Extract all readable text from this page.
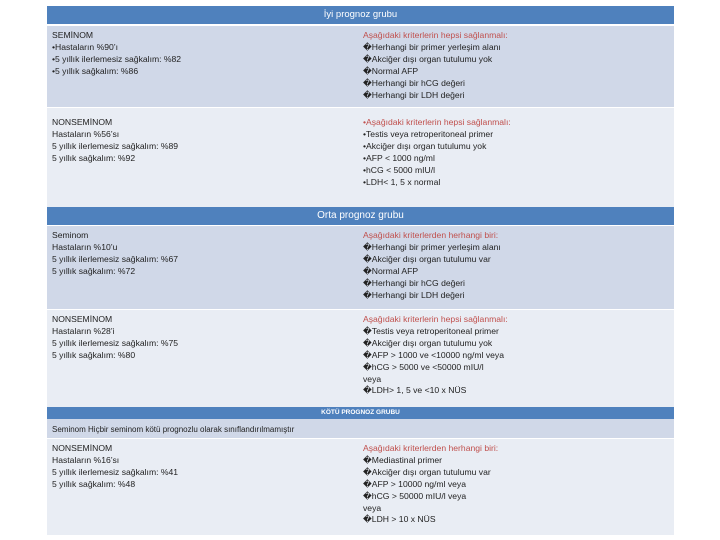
İyi prognoz grubu
SEMİNOM
•Hastaların %90’ı
•5 yıllık ilerlemesiz sağkalım: %82
•5 yıllık sağkalım: %86
Aşağıdaki kriterlerin hepsi sağlanmalı:
�Herhangi bir primer yerleşim alanı
�Akciğer dışı organ tutulumu yok
�Normal AFP
�Herhangi bir hCG değeri
�Herhangi bir LDH değeri
NONSEMİNOM
Hastaların %56’sı
5 yıllık ilerlemesiz sağkalım: %89
5 yıllık sağkalım: %92
•Aşağıdaki kriterlerin hepsi sağlanmalı:
•Testis veya retroperitoneal primer
•Akciğer dışı organ tutulumu yok
•AFP < 1000 ng/ml
•hCG < 5000 mIU/l
•LDH< 1, 5 x normal
Orta prognoz grubu
Seminom
Hastaların %10’u
5 yıllık ilerlemesiz sağkalım: %67
5 yıllık sağkalım: %72
Aşağıdaki kriterlerden herhangi biri:
�Herhangi bir primer yerleşim alanı
�Akciğer dışı organ tutulumu var
�Normal AFP
�Herhangi bir hCG değeri
�Herhangi bir LDH değeri
NONSEMİNOM
Hastaların %28’i
5 yıllık ilerlemesiz sağkalım: %75
5 yıllık sağkalım: %80
Aşağıdaki kriterlerin hepsi sağlanmalı:
�Testis veya retroperitoneal primer
�Akciğer dışı organ tutulumu yok
�AFP > 1000 ve <10000 ng/ml veya
�hCG > 5000 ve <50000 mIU/l
veya
�LDH> 1, 5 ve <10 x NÜS
KÖTÜ PROGNOZ GRUBU
Seminom Hiçbir seminom kötü prognozlu olarak sınıflandırılmamıştır
NONSEMİNOM
Hastaların %16’sı
5 yıllık ilerlemesiz sağkalım: %41
5 yıllık sağkalım: %48
Aşağıdaki kriterlerden herhangi biri:
�Mediastinal primer
�Akciğer dışı organ tutulumu var
�AFP > 10000 ng/ml veya
�hCG > 50000 mIU/l veya
veya
�LDH > 10 x NÜS
